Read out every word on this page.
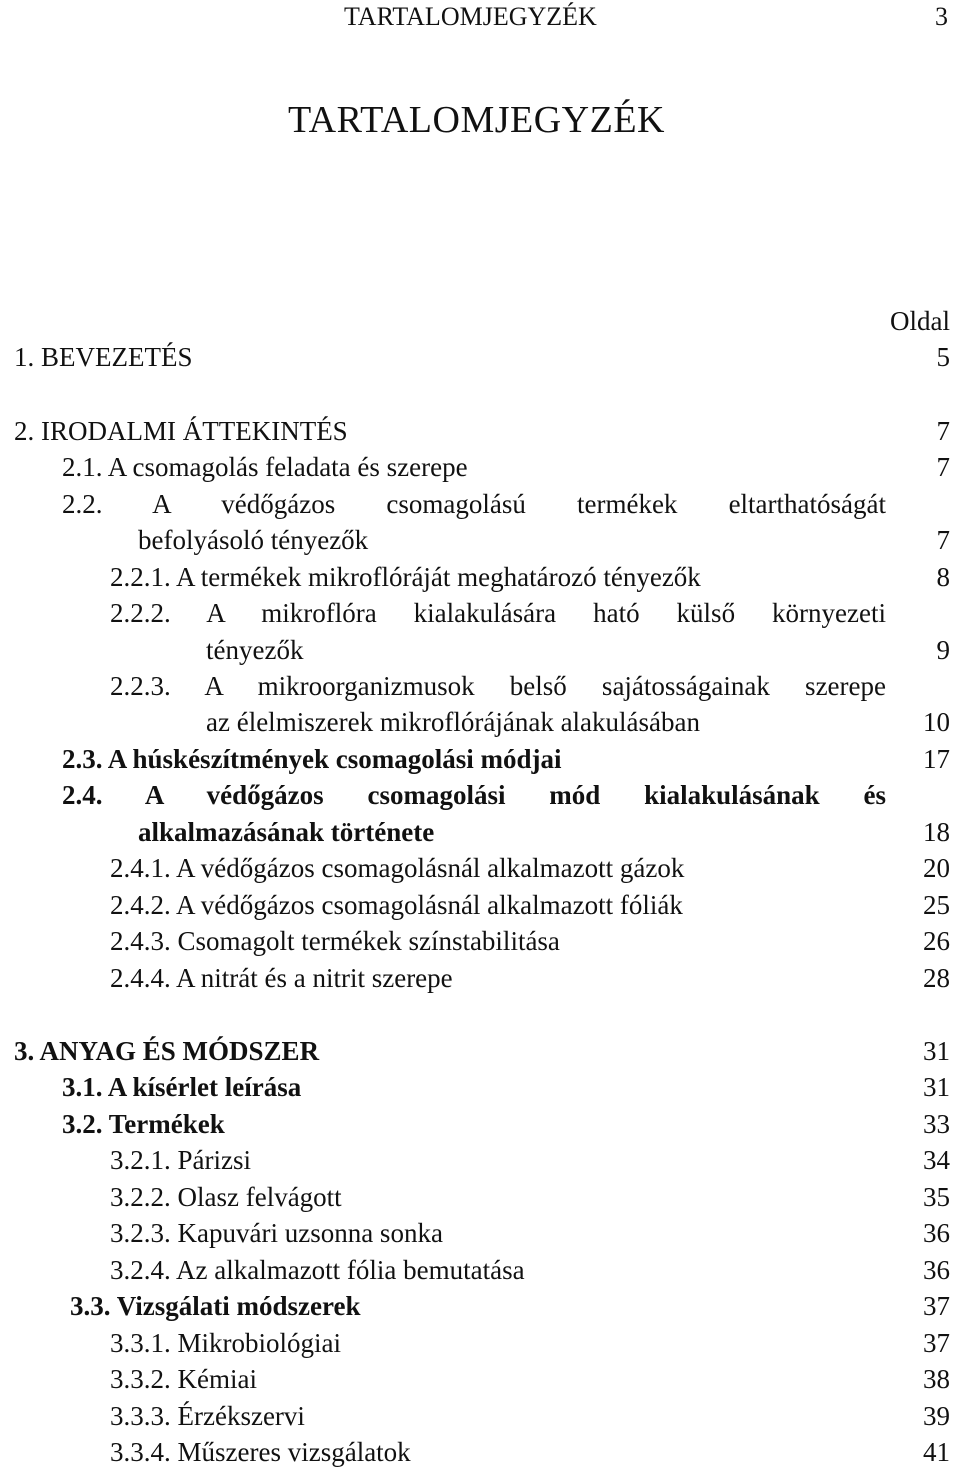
TARTALOMJEGYZÉK	3
TARTALOMJEGYZÉK
Oldal
1. BEVEZETÉS	5
2. IRODALMI ÁTTEKINTÉS	7
2.1. A csomagolás feladata és szerepe	7
2.2. A védőgázos csomagolású termékek eltarthatóságát
befolyásoló tényezők	7
2.2.1. A termékek mikroflóráját meghatározó tényezők	8
2.2.2. A mikroflóra kialakulására ható külső környezeti
tényezők	9
2.2.3. A mikroorganizmusok belső sajátosságainak szerepe
az élelmiszerek mikroflórájának alakulásában	10
2.3. A húskészítmények csomagolási módjai	17
2.4. A védőgázos csomagolási mód kialakulásának és
alkalmazásának története	18
2.4.1. A védőgázos csomagolásnál alkalmazott gázok	20
2.4.2. A védőgázos csomagolásnál alkalmazott fóliák	25
2.4.3. Csomagolt termékek színstabilitása	26
2.4.4. A nitrát és a nitrit szerepe	28
3. ANYAG ÉS MÓDSZER	31
3.1. A kísérlet leírása	31
3.2. Termékek	33
3.2.1. Párizsi	34
3.2.2. Olasz felvágott	35
3.2.3. Kapuvári uzsonna sonka	36
3.2.4. Az alkalmazott fólia bemutatása	36
3.3. Vizsgálati módszerek	37
3.3.1. Mikrobiológiai	37
3.3.2. Kémiai	38
3.3.3. Érzékszervi	39
3.3.4. Műszeres vizsgálatok	41
